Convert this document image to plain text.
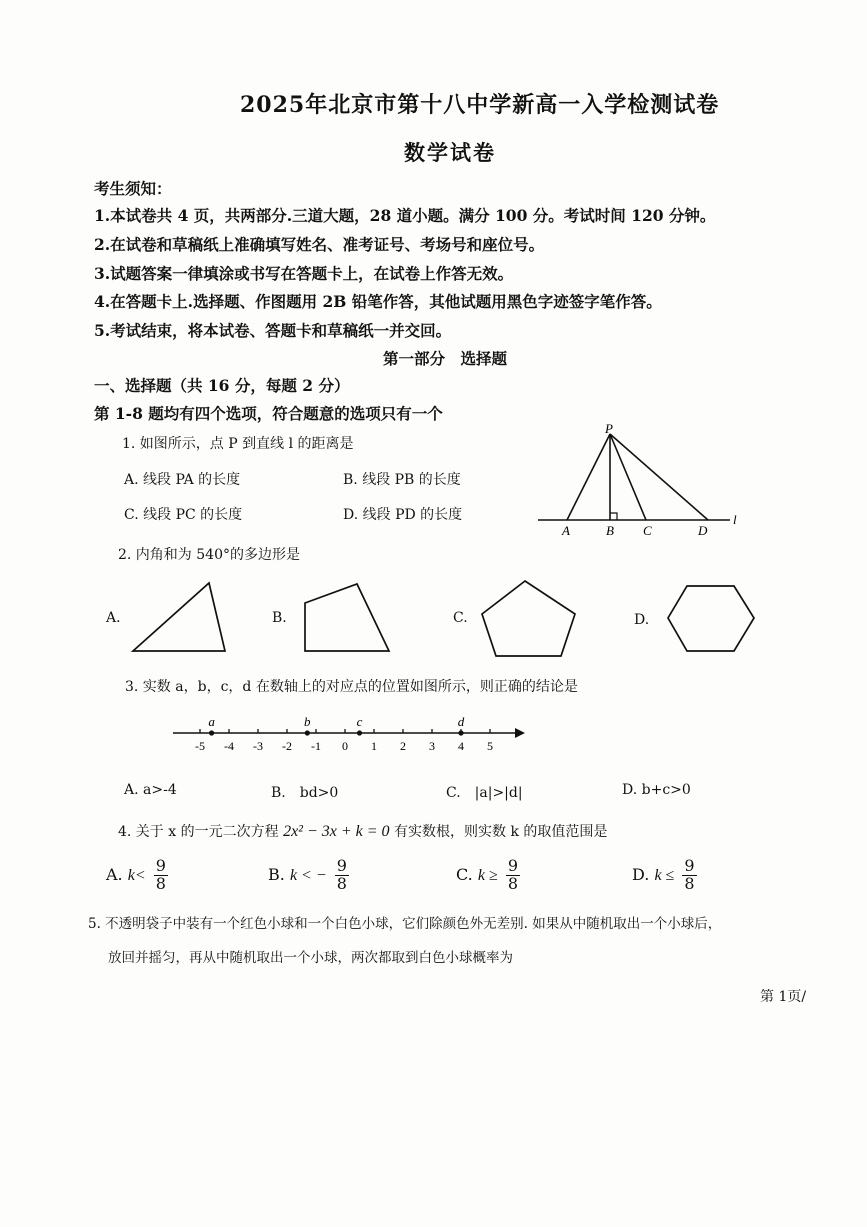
2025年北京市第十八中学新高一入学检测试卷
数学试卷
考生须知：
1.本试卷共 4 页，共两部分.三道大题，28 道小题。满分 100 分。考试时间 120 分钟。
2.在试卷和草稿纸上准确填写姓名、准考证号、考场号和座位号。
3.试题答案一律填涂或书写在答题卡上，在试卷上作答无效。
4.在答题卡上.选择题、作图题用 2B 铅笔作答，其他试题用黑色字迹签字笔作答。
5.考试结束，将本试卷、答题卡和草稿纸一并交回。
第一部分　选择题
一、选择题（共 16 分，每题 2 分）
第 1-8 题均有四个选项，符合题意的选项只有一个
1. 如图所示，点 P 到直线 l 的距离是
A. 线段 PA 的长度	B. 线段 PB 的长度
C. 线段 PC 的长度	D. 线段 PD 的长度
P
A	B C	D
l
2. 内角和为 540°的多边形是
A.	B.	C.	D.
3. 实数 a，b，c，d 在数轴上的对应点的位置如图所示，则正确的结论是
-5 -4 -3 -2 -1 0 1 2 3 4 5
a	b	c	d
A. a>-4	B.　bd>0	C.　|a|>|d|	D. b+c>0
4. 关于 x 的一元二次方程 2x² − 3x + k = 0 有实数根，则实数 k 的取值范围是
A. $k< \frac{9}{8}$	B. k < − $\frac{9}{8}$	C. $k \ge \frac{9}{8}$	D. $k \le \frac{9}{8}$
5. 不透明袋子中装有一个红色小球和一个白色小球，它们除颜色外无差别. 如果从中随机取出一个小球后，
放回并摇匀，再从中随机取出一个小球，两次都取到白色小球概率为
第 1页/
